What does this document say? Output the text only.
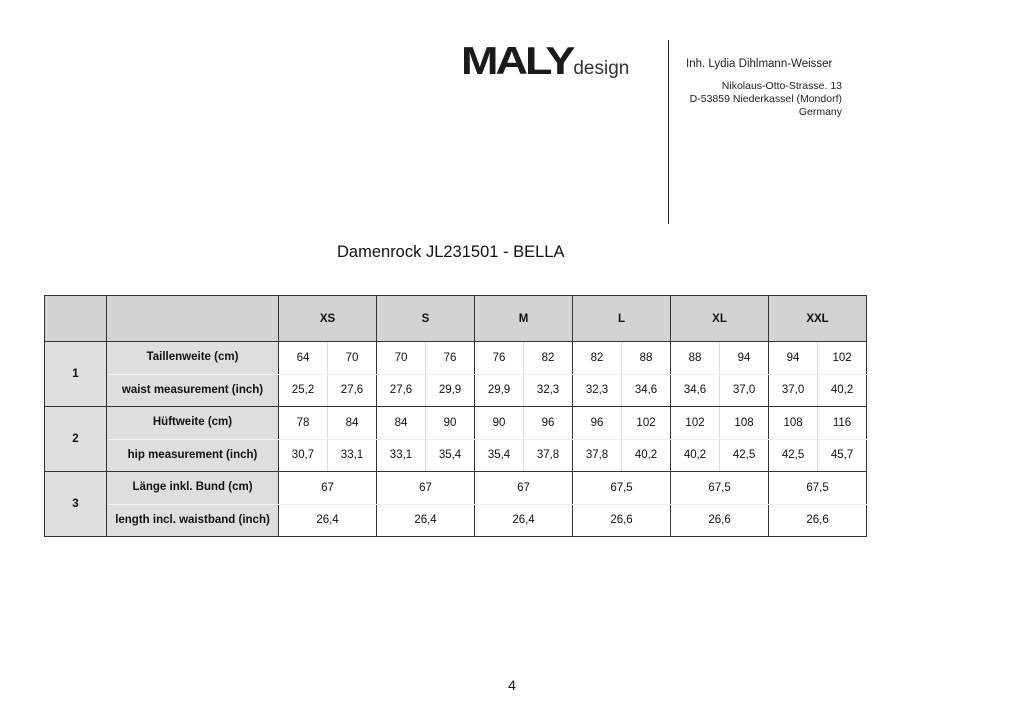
MALYdesign	Inh. Lydia Dihlmann-Weisser
Nikolaus-Otto-Strasse. 13
D-53859 Niederkassel (Mondorf)
Germany
Damenrock JL231501 - BELLA
		XS		S		M		L		XL		XXL	
1	Taillenweite (cm)	64	70	70	76	76	82	82	88	88	94	94	102
	waist measurement (inch)	25,2	27,6	27,6	29,9	29,9	32,3	32,3	34,6	34,6	37,0	37,0	40,2
2	Hüftweite (cm)	78	84	84	90	90	96	96	102	102	108	108	116
	hip measurement (inch)	30,7	33,1	33,1	35,4	35,4	37,8	37,8	40,2	40,2	42,5	42,5	45,7
3	Länge inkl. Bund (cm)	67		67		67		67,5		67,5		67,5	
	length incl. waistband (inch)	26,4		26,4		26,4		26,6		26,6		26,6	
4
